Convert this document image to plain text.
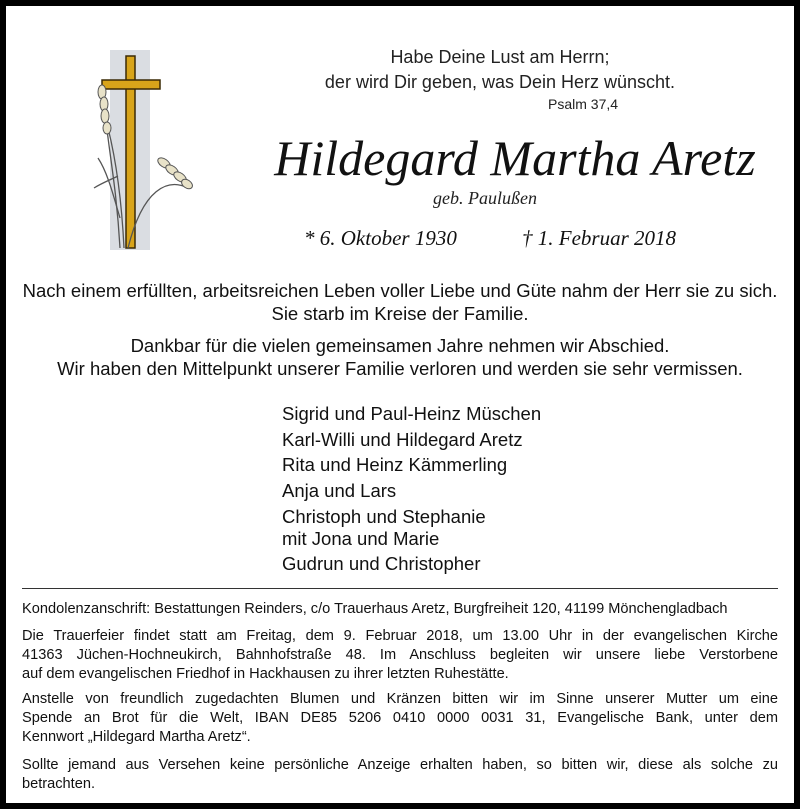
Habe Deine Lust am Herrn;
der wird Dir geben, was Dein Herz wünscht.
Psalm 37,4
Hildegard Martha Aretz
geb. Paulußen
* 6. Oktober 1930	† 1. Februar 2018
Nach einem erfüllten, arbeitsreichen Leben voller Liebe und Güte nahm der Herr sie zu sich.
Sie starb im Kreise der Familie.
Dankbar für die vielen gemeinsamen Jahre nehmen wir Abschied.
Wir haben den Mittelpunkt unserer Familie verloren und werden sie sehr vermissen.
Sigrid und Paul-Heinz Müschen
Karl-Willi und Hildegard Aretz
Rita und Heinz Kämmerling
Anja und Lars
Christoph und Stephanie
mit Jona und Marie
Gudrun und Christopher
Kondolenzanschrift: Bestattungen Reinders, c/o Trauerhaus Aretz, Burgfreiheit 120, 41199 Mönchengladbach
Die Trauerfeier findet statt am Freitag, dem 9. Februar 2018, um 13.00 Uhr in der evangelischen Kirche
41363 Jüchen-Hochneukirch, Bahnhofstraße 48. Im Anschluss begleiten wir unsere liebe Verstorbene
auf dem evangelischen Friedhof in Hackhausen zu ihrer letzten Ruhestätte.
Anstelle von freundlich zugedachten Blumen und Kränzen bitten wir im Sinne unserer Mutter um eine
Spende an Brot für die Welt, IBAN DE85 5206 0410 0000 0031 31, Evangelische Bank, unter dem
Kennwort „Hildegard Martha Aretz“.
Sollte jemand aus Versehen keine persönliche Anzeige erhalten haben, so bitten wir, diese als solche zu
betrachten.
